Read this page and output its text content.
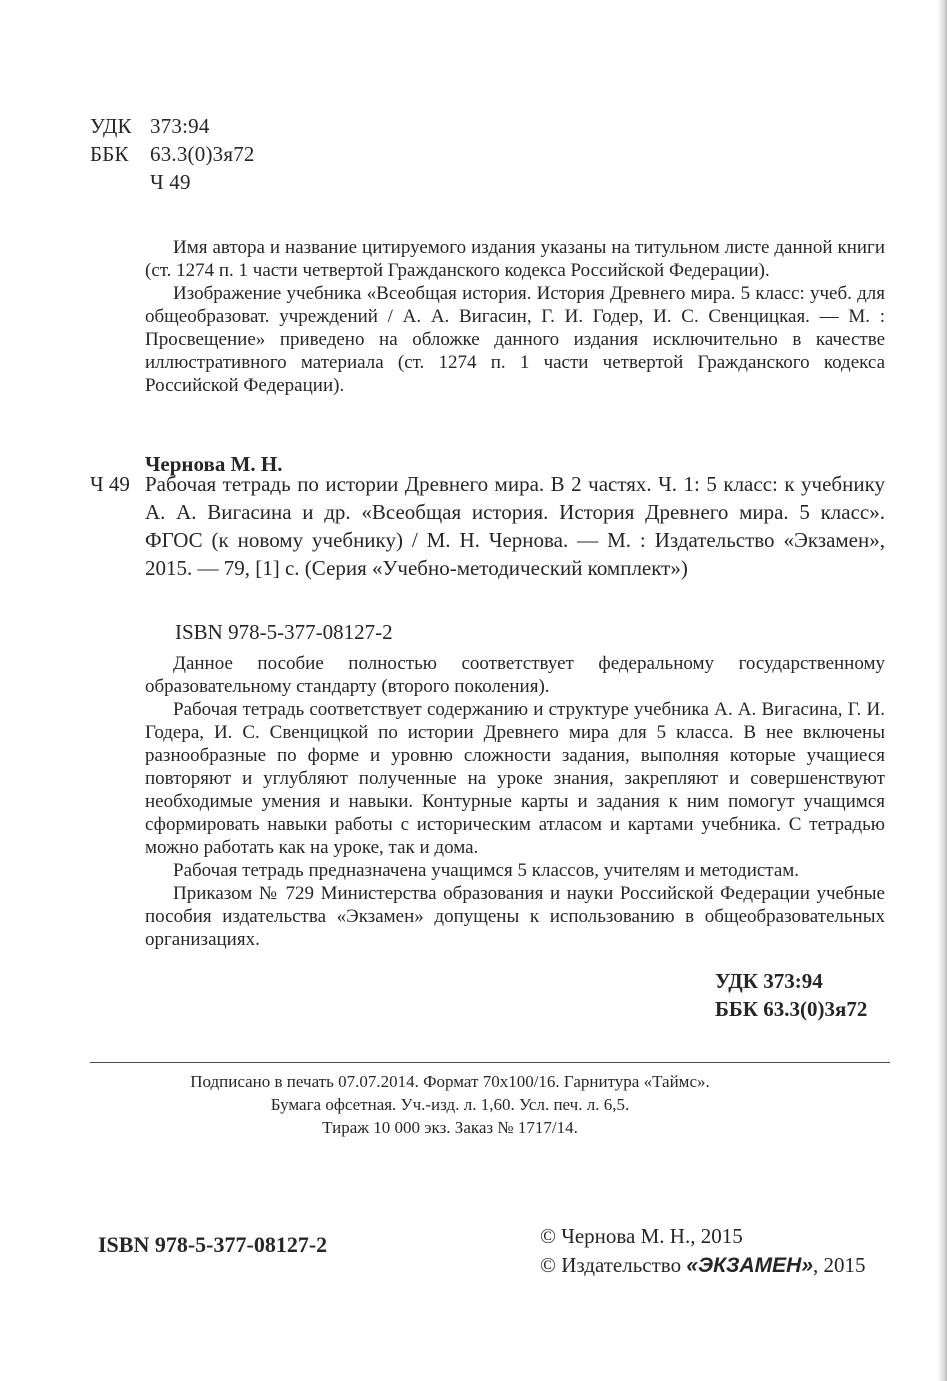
УДК 373:94
ББК 63.3(0)3я72
Ч 49

Имя автора и название цитируемого издания указаны на титульном листе данной книги (ст. 1274 п. 1 части четвертой Гражданского кодекса Российской Федерации).

Изображение учебника «Всеобщая история. История Древнего мира. 5 класс: учеб. для общеобразоват. учреждений / А. А. Вигасин, Г. И. Годер, И. С. Свенцицкая. — М. : Просвещение» приведено на обложке данного издания исключительно в качестве иллюстративного материала (ст. 1274 п. 1 части четвертой Гражданского кодекса Российской Федерации).

Чернова М. Н.
Ч 49 Рабочая тетрадь по истории Древнего мира. В 2 частях. Ч. 1: 5 класс: к учебнику А. А. Вигасина и др. «Всеобщая история. История Древнего мира. 5 класс». ФГОС (к новому учебнику) / М. Н. Чернова. — М. : Издательство «Экзамен», 2015. — 79, [1] с. (Серия «Учебно-методический комплект»)
ISBN 978-5-377-08127-2

Данное пособие полностью соответствует федеральному государственному образовательному стандарту (второго поколения).

Рабочая тетрадь соответствует содержанию и структуре учебника А. А. Вигасина, Г. И. Годера, И. С. Свенцицкой по истории Древнего мира для 5 класса. В нее включены разнообразные по форме и уровню сложности задания, выполняя которые учащиеся повторяют и углубляют полученные на уроке знания, закрепляют и совершенствуют необходимые умения и навыки. Контурные карты и задания к ним помогут учащимся сформировать навыки работы с историческим атласом и картами учебника. С тетрадью можно работать как на уроке, так и дома.

Рабочая тетрадь предназначена учащимся 5 классов, учителям и методистам.

Приказом № 729 Министерства образования и науки Российской Федерации учебные пособия издательства «Экзамен» допущены к использованию в общеобразовательных организациях.

УДК 373:94
ББК 63.3(0)3я72
Подписано в печать 07.07.2014. Формат 70х100/16. Гарнитура «Таймс».
Бумага офсетная. Уч.-изд. л. 1,60. Усл. печ. л. 6,5.
Тираж 10 000 экз. Заказ № 1717/14.
ISBN 978-5-377-08127-2	© Чернова М. Н., 2015
© Издательство «ЭКЗАМЕН», 2015
